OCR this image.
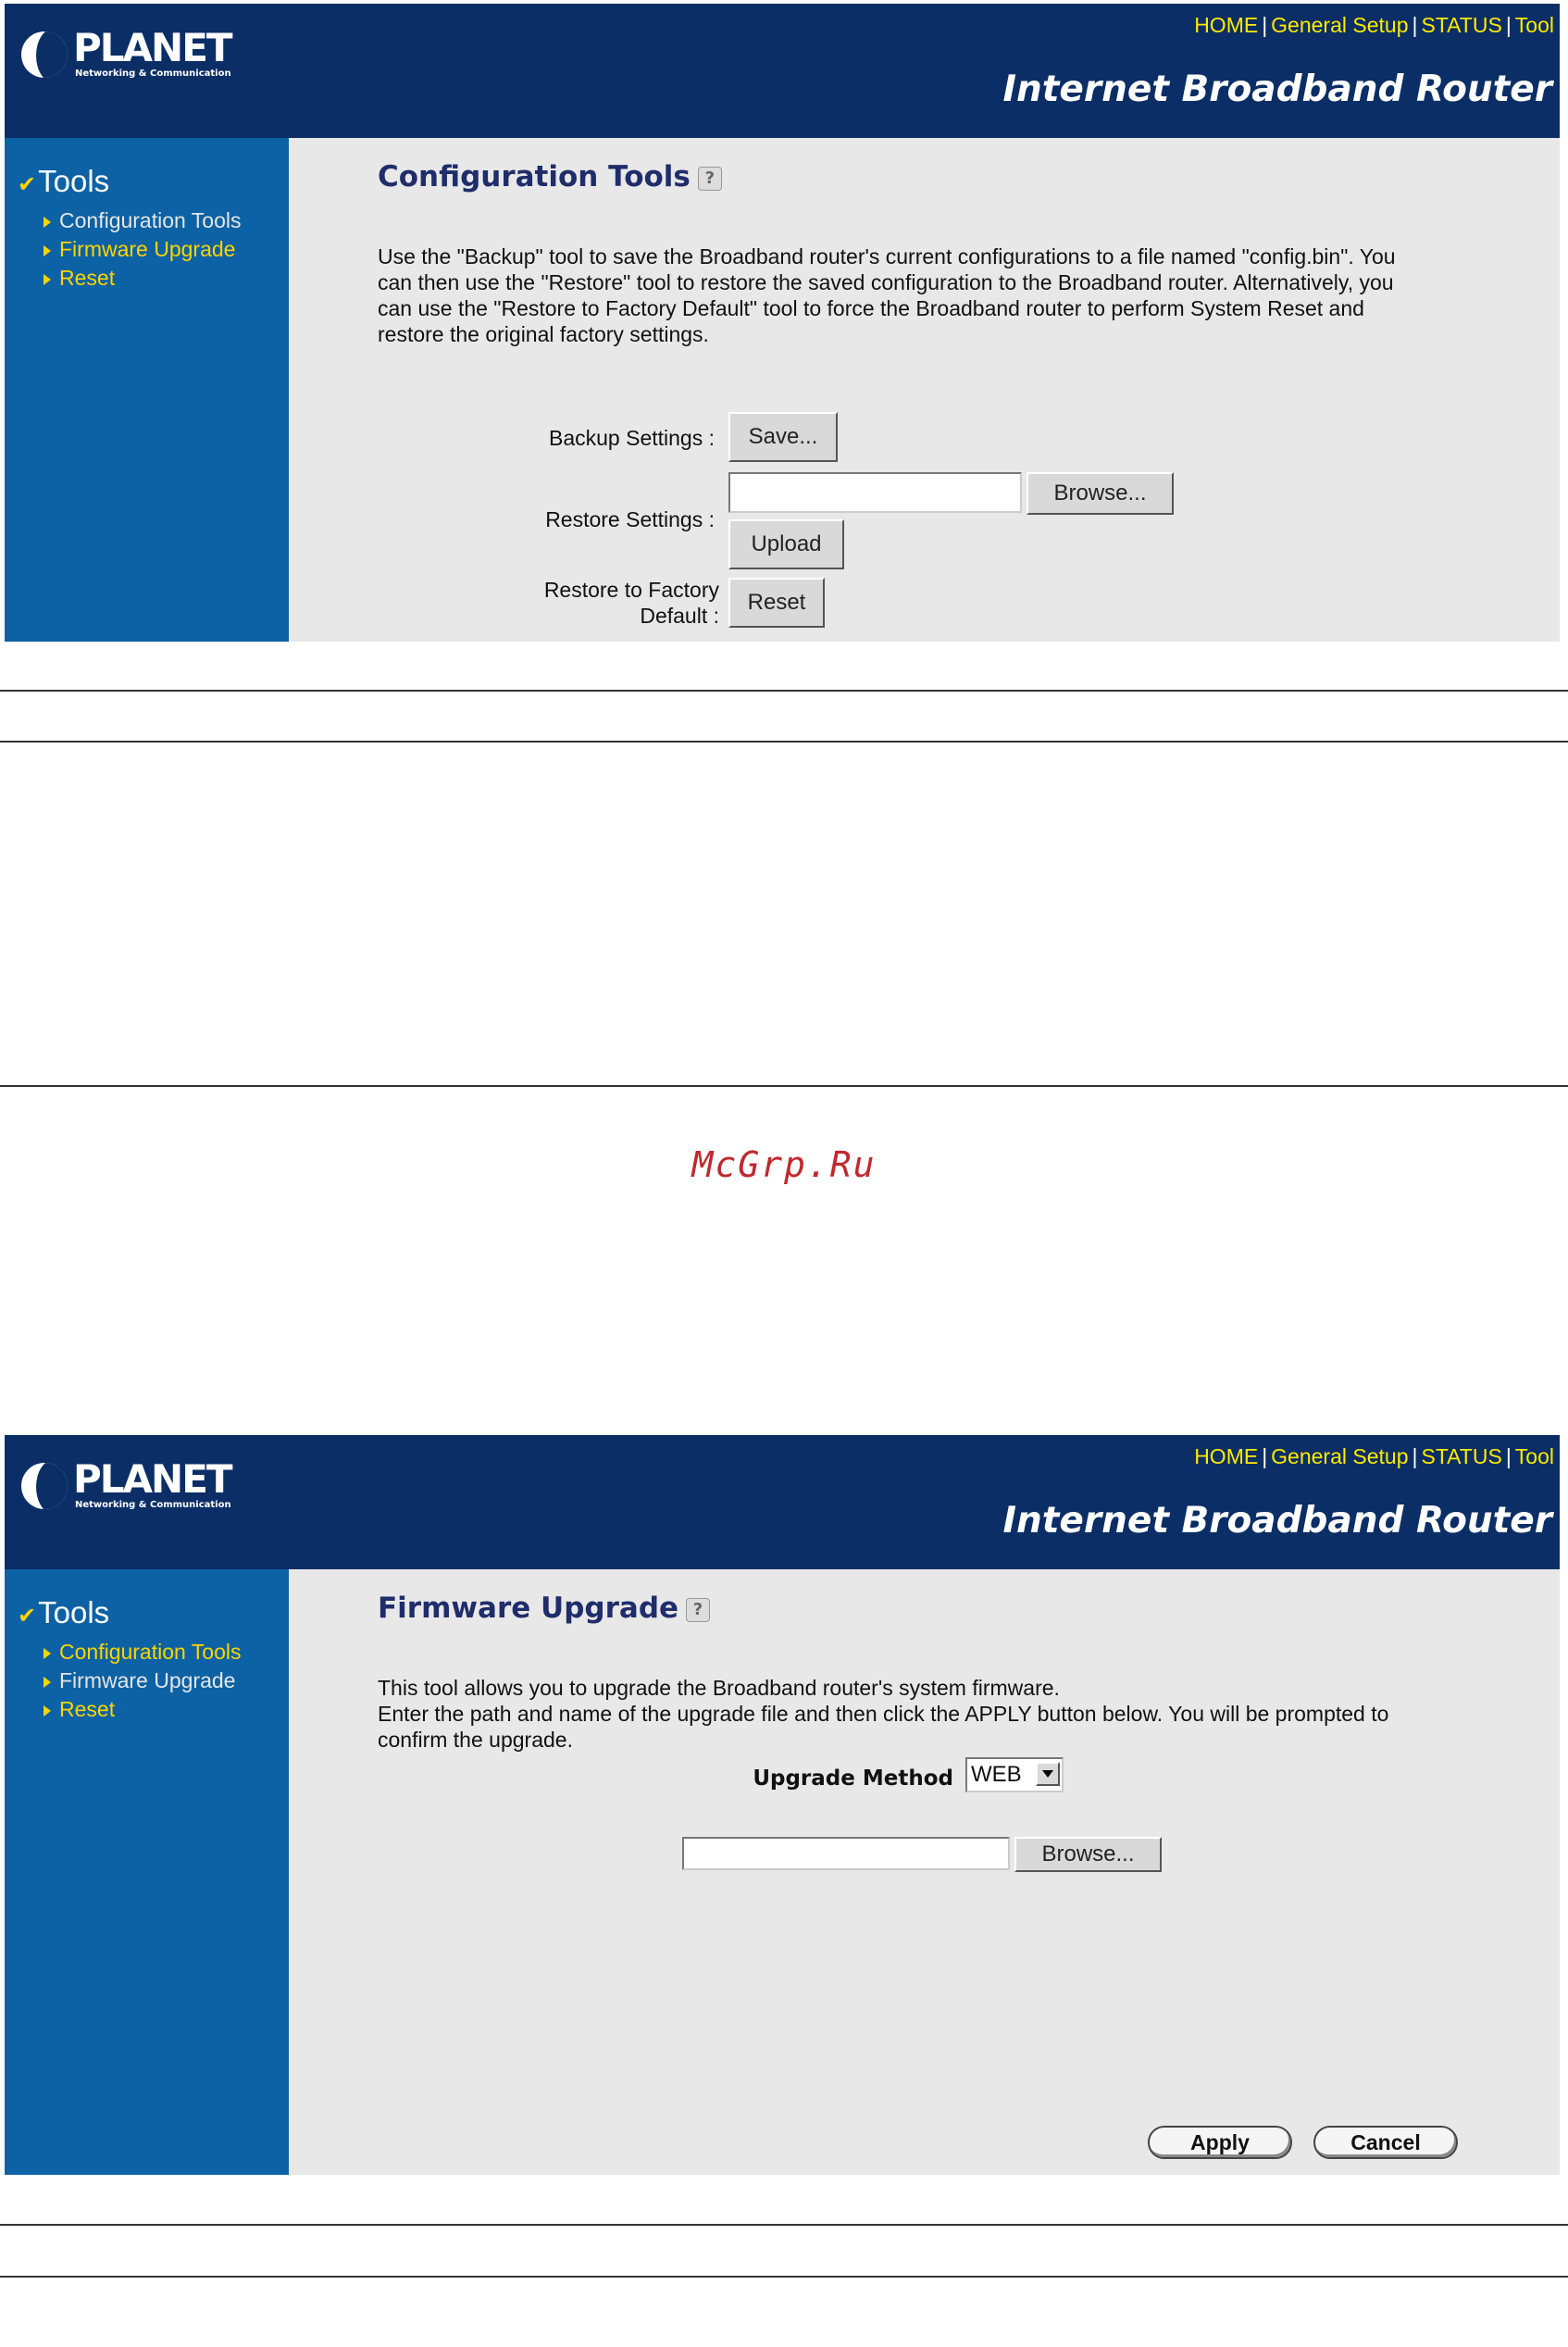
PLANET
Networking & Communication
HOME | General Setup | STATUS | Tool
Internet Broadband Router
✔Tools
Configuration Tools
Firmware Upgrade
Reset
Configuration Tools ?
Use the "Backup" tool to save the Broadband router's current configurations to a file named "config.bin". You
can then use the "Restore" tool to restore the saved configuration to the Broadband router. Alternatively, you
can use the "Restore to Factory Default" tool to force the Broadband router to perform System Reset and
restore the original factory settings.
Backup Settings :	Save...
Restore Settings :
Browse...
Upload
Restore to Factory
Default :
Reset
McGrp.Ru
PLANET
Networking & Communication
HOME | General Setup | STATUS | Tool
Internet Broadband Router
✔Tools
Configuration Tools
Firmware Upgrade
Reset
Firmware Upgrade ?
This tool allows you to upgrade the Broadband router's system firmware.
Enter the path and name of the upgrade file and then click the APPLY button below. You will be prompted to
confirm the upgrade.
Upgrade Method WEB
Browse...
Apply	Cancel
